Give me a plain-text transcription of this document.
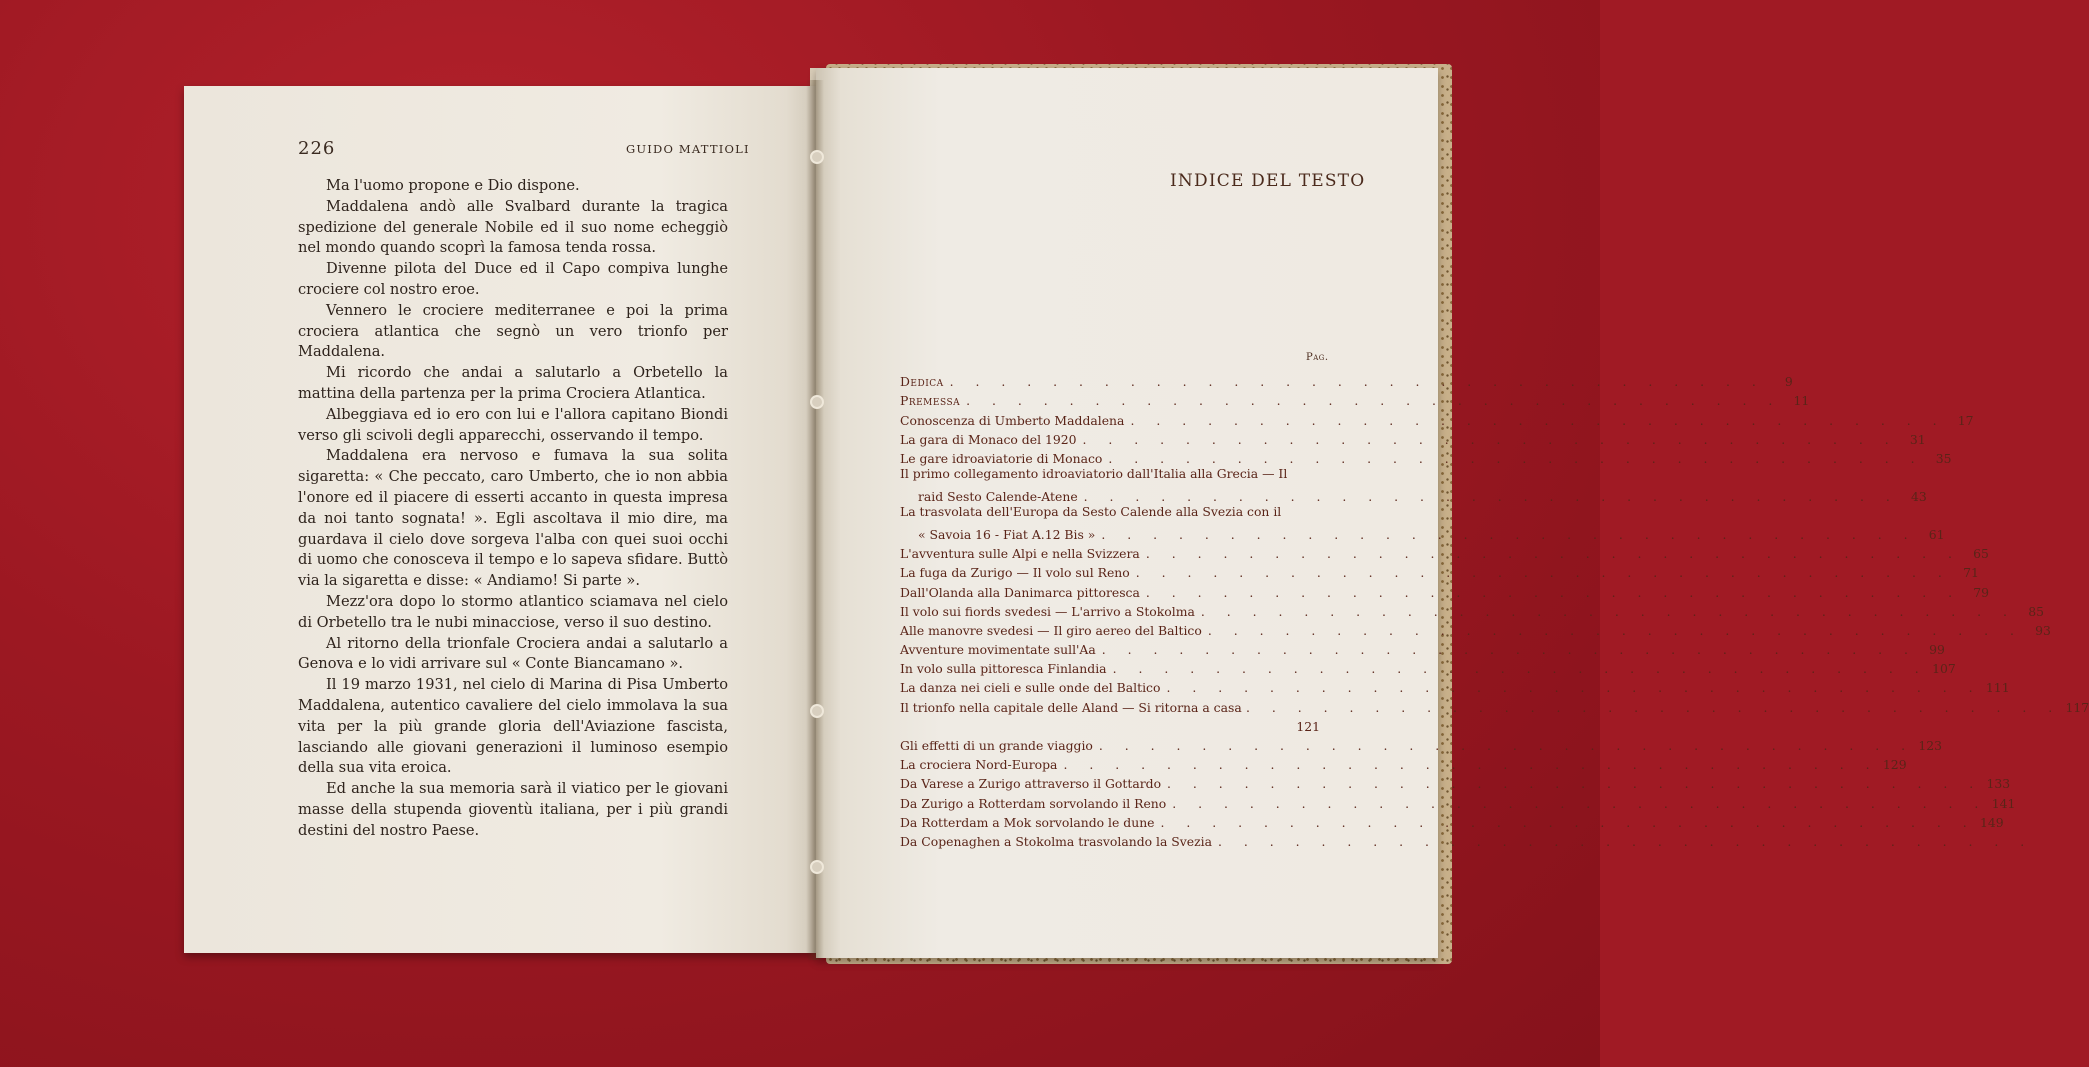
226	GUIDO MATTIOLI

Ma l'uomo propone e Dio dispone.

Maddalena andò alle Svalbard durante la tragica spedizione del generale Nobile ed il suo nome echeggiò nel mondo quando scoprì la famosa tenda rossa.

Divenne pilota del Duce ed il Capo compiva lunghe crociere col nostro eroe.

Vennero le crociere mediterranee e poi la prima crociera atlantica che segnò un vero trionfo per Maddalena.

Mi ricordo che andai a salutarlo a Orbetello la mattina della partenza per la prima Crociera Atlantica.

Albeggiava ed io ero con lui e l'allora capitano Biondi verso gli scivoli degli apparecchi, osservando il tempo.

Maddalena era nervoso e fumava la sua solita sigaretta: « Che peccato, caro Umberto, che io non abbia l'onore ed il piacere di esserti accanto in questa impresa da noi tanto sognata! ». Egli ascoltava il mio dire, ma guardava il cielo dove sorgeva l'alba con quei suoi occhi di uomo che conosceva il tempo e lo sapeva sfidare. Buttò via la sigaretta e disse: « Andiamo! Si parte ».

Mezz'ora dopo lo stormo atlantico sciamava nel cielo di Orbetello tra le nubi minacciose, verso il suo destino.

Al ritorno della trionfale Crociera andai a salutarlo a Genova e lo vidi arrivare sul « Conte Biancamano ».

Il 19 marzo 1931, nel cielo di Marina di Pisa Umberto Maddalena, autentico cavaliere del cielo immolava la sua vita per la più grande gloria dell'Aviazione fascista, lasciando alle giovani generazioni il luminoso esempio della sua vita eroica.

Ed anche la sua memoria sarà il viatico per le giovani masse della stupenda gioventù italiana, per i più grandi destini del nostro Paese.

INDICE DEL TESTO
Pag.
Dedica . . . . . . . . . . . . . . . . . . . . . . . . . . . . . . . .	9
Premessa . . . . . . . . . . . . . . . . . . . . . . . . . . . . . . . . 11
Conoscenza di Umberto Maddalena . . . . . . . . . . . . . . . . . . . . . . . . . . . . . . . . 17
La gara di Monaco del 1920 . . . . . . . . . . . . . . . . . . . . . . . . . . . . . . . . 31
Le gare idroaviatorie di Monaco . . . . . . . . . . . . . . . . . . . . . . . . . . . . . . . . 35
Il primo collegamento idroaviatorio dall'Italia alla Grecia — Il
raid Sesto Calende-Atene . . . . . . . . . . . . . . . . . . . . . . . . . . . . . . . . 43
La trasvolata dell'Europa da Sesto Calende alla Svezia con il
« Savoia 16 - Fiat A.12 Bis » . . . . . . . . . . . . . . . . . . . . . . . . . . . . . . . . 61
L'avventura sulle Alpi e nella Svizzera . . . . . . . . . . . . . . . . . . . . . . . . . . . . . . . . 65
La fuga da Zurigo — Il volo sul Reno . . . . . . . . . . . . . . . . . . . . . . . . . . . . . . . . 71
Dall'Olanda alla Danimarca pittoresca . . . . . . . . . . . . . . . . . . . . . . . . . . . . . . . . 79
Il volo sui fiords svedesi — L'arrivo a Stokolma . . . . . . . . . . . . . . . . . . . . . . . . . . . . . . . . 85
Alle manovre svedesi — Il giro aereo del Baltico . . . . . . . . . . . . . . . . . . . . . . . . . . . . . . . . 93
Avventure movimentate sull'Aa . . . . . . . . . . . . . . . . . . . . . . . . . . . . . . . . 99
In volo sulla pittoresca Finlandia . . . . . . . . . . . . . . . . . . . . . . . . . . . . . . . . 107
La danza nei cieli e sulle onde del Baltico . . . . . . . . . . . . . . . . . . . . . . . . . . . . . . . . 111
Il trionfo nella capitale delle Aland — Si ritorna a casa . . . . . . . . . . . . . . . . . . . . . . . . . . . . . . . . 117
121
Gli effetti di un grande viaggio . . . . . . . . . . . . . . . . . . . . . . . . . . . . . . . . 123
La crociera Nord-Europa . . . . . . . . . . . . . . . . . . . . . . . . . . . . . . . . 129
Da Varese a Zurigo attraverso il Gottardo . . . . . . . . . . . . . . . . . . . . . . . . . . . . . . . . 133
Da Zurigo a Rotterdam sorvolando il Reno . . . . . . . . . . . . . . . . . . . . . . . . . . . . . . . . 141
Da Rotterdam a Mok sorvolando le dune . . . . . . . . . . . . . . . . . . . . . . . . . . . . . . . . 149
Da Copenaghen a Stokolma trasvolando la Svezia . . . . . . . . . . . . . . . . . . . . . . . . . . . . . . . .
